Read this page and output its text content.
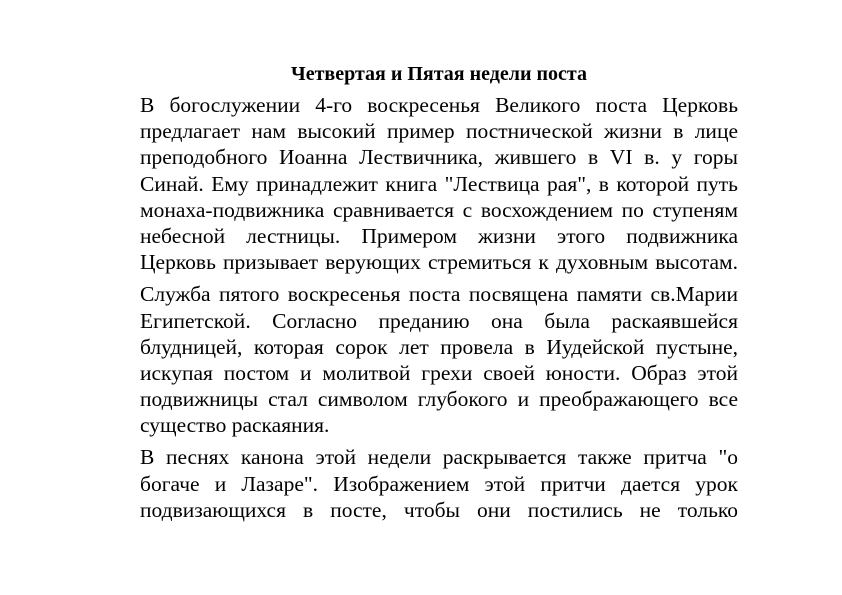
Четвертая и Пятая недели поста
В богослужении 4-го воскресенья Великого поста Церковь
предлагает нам высокий пример постнической жизни в лице
преподобного Иоанна Лествичника, жившего в VI в. у горы
Синай. Ему принадлежит книга "Лествица рая", в которой путь
монаха-подвижника сравнивается с восхождением по ступеням
небесной лестницы. Примером жизни этого подвижника
Церковь призывает верующих стремиться к духовным высотам.
Служба пятого воскресенья поста посвящена памяти св.Марии
Египетской. Согласно преданию она была раскаявшейся
блудницей, которая сорок лет провела в Иудейской пустыне,
искупая постом и молитвой грехи своей юности. Образ этой
подвижницы стал символом глубокого и преображающего все
существо раскаяния.
В песнях канона этой недели раскрывается также притча "о
богаче и Лазаре". Изображением этой притчи дается урок
подвизающихся в посте, чтобы они постились не только
